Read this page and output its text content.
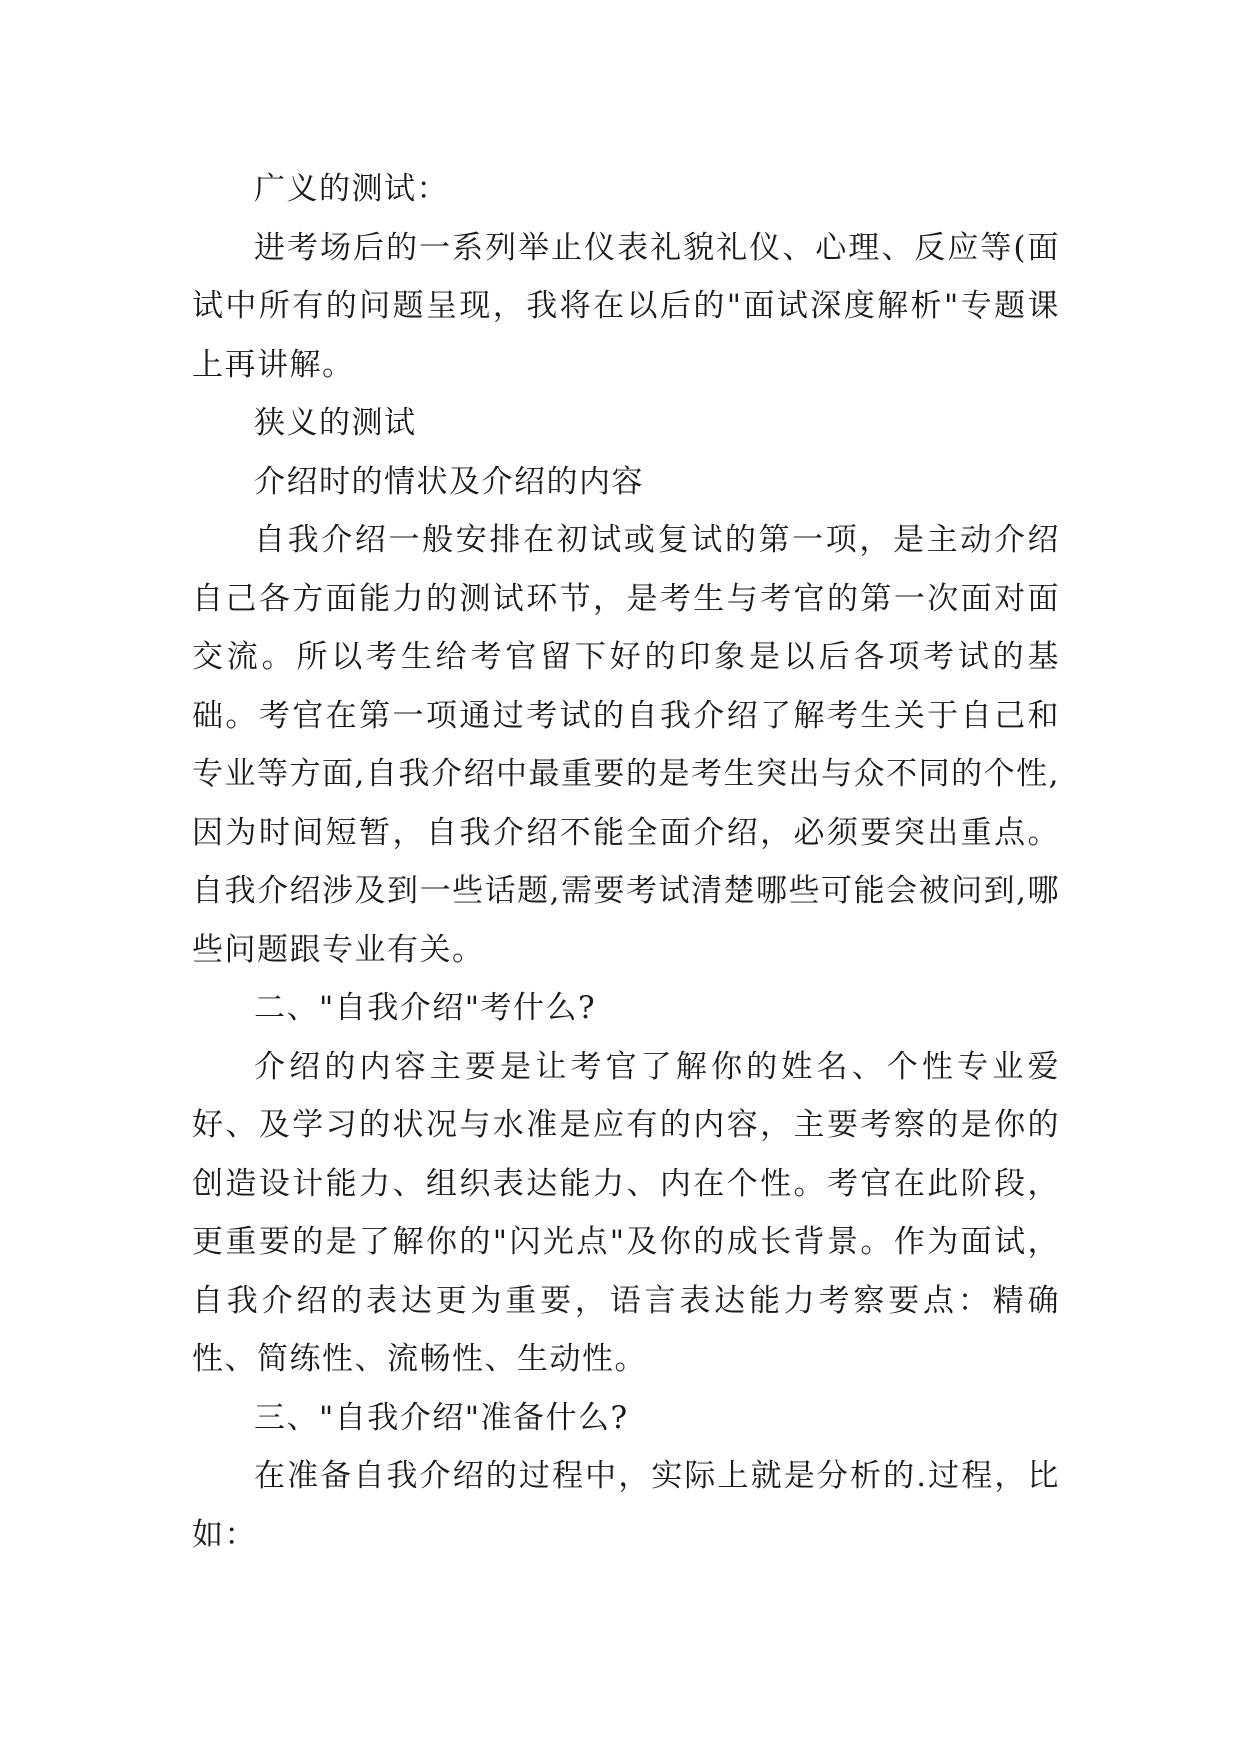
广义的测试：

进考场后的一系列举止仪表礼貌礼仪、心理、反应等(面试中所有的问题呈现，我将在以后的"面试深度解析"专题课上再讲解。

狭义的测试

介绍时的情状及介绍的内容

自我介绍一般安排在初试或复试的第一项，是主动介绍自己各方面能力的测试环节，是考生与考官的第一次面对面交流。所以考生给考官留下好的印象是以后各项考试的基础。考官在第一项通过考试的自我介绍了解考生关于自己和专业等方面,自我介绍中最重要的是考生突出与众不同的个性,因为时间短暂，自我介绍不能全面介绍，必须要突出重点。自我介绍涉及到一些话题,需要考试清楚哪些可能会被问到,哪些问题跟专业有关。

二、"自我介绍"考什么?

介绍的内容主要是让考官了解你的姓名、个性专业爱好、及学习的状况与水准是应有的内容，主要考察的是你的创造设计能力、组织表达能力、内在个性。考官在此阶段，更重要的是了解你的"闪光点"及你的成长背景。作为面试，自我介绍的表达更为重要，语言表达能力考察要点：精确性、简练性、流畅性、生动性。

三、"自我介绍"准备什么?

在准备自我介绍的过程中，实际上就是分析的.过程，比如：
